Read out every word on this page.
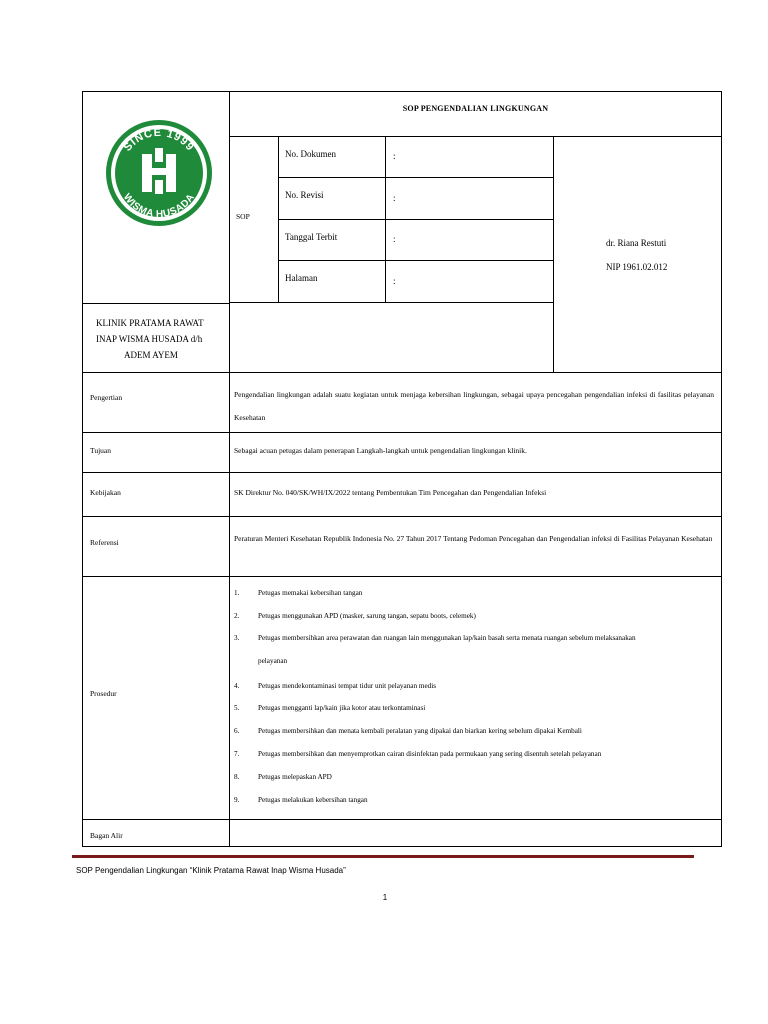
SINCE 1999
WISMA HUSADA
KLINIK PRATAMA RAWAT
INAP WISMA HUSADA d/h
ADEM AYEM
SOP PENGENDALIAN LINGKUNGAN
SOP
No. Dokumen	:
No. Revisi	:
Tanggal Terbit	:
Halaman	:
dr. Riana Restuti
NIP 1961.02.012
Pengertian	Pengendalian lingkungan adalah suatu kegiatan untuk menjaga kebersihan lingkungan, sebagai upaya pencegahan pengendalian infeksi di fasilitas pelayanan Kesehatan
Tujuan	Sebagai acuan petugas dalam penerapan Langkah-langkah untuk pengendalian lingkungan klinik.
Kebijakan	SK Direktur No. 040/SK/WH/IX/2022 tentang Pembentukan Tim Pencegahan dan Pengendalian Infeksi
Referensi	Peraturan Menteri Kesehatan Republik Indonesia No. 27 Tahun 2017 Tentang Pedoman Pencegahan dan Pengendalian infeksi di Fasilitas Pelayanan Kesehatan
Prosedur
1.	Petugas memakai kebersihan tangan
2.	Petugas menggunakan APD (masker, sarung tangan, sepatu boots, celemek)
3.	Petugas membersihkan area perawatan dan ruangan lain menggunakan lap/kain basah serta menata ruangan sebelum melaksanakan
pelayanan
4.	Petugas mendekontaminasi tempat tidur unit pelayanan medis
5.	Petugas mengganti lap/kain jika kotor atau terkontaminasi
6.	Petugas membersihkan dan menata kembali peralatan yang dipakai dan biarkan kering sebelum dipakai Kembali
7.	Petugas membersihkan dan menyemprotkan cairan disinfektan pada permukaan yang sering disentuh setelah pelayanan
8.	Petugas melepaskan APD
9.	Petugas melakukan kebersihan tangan
Bagan Alir
SOP Pengendalian Lingkungan “Klinik Pratama Rawat Inap Wisma Husada”
1
